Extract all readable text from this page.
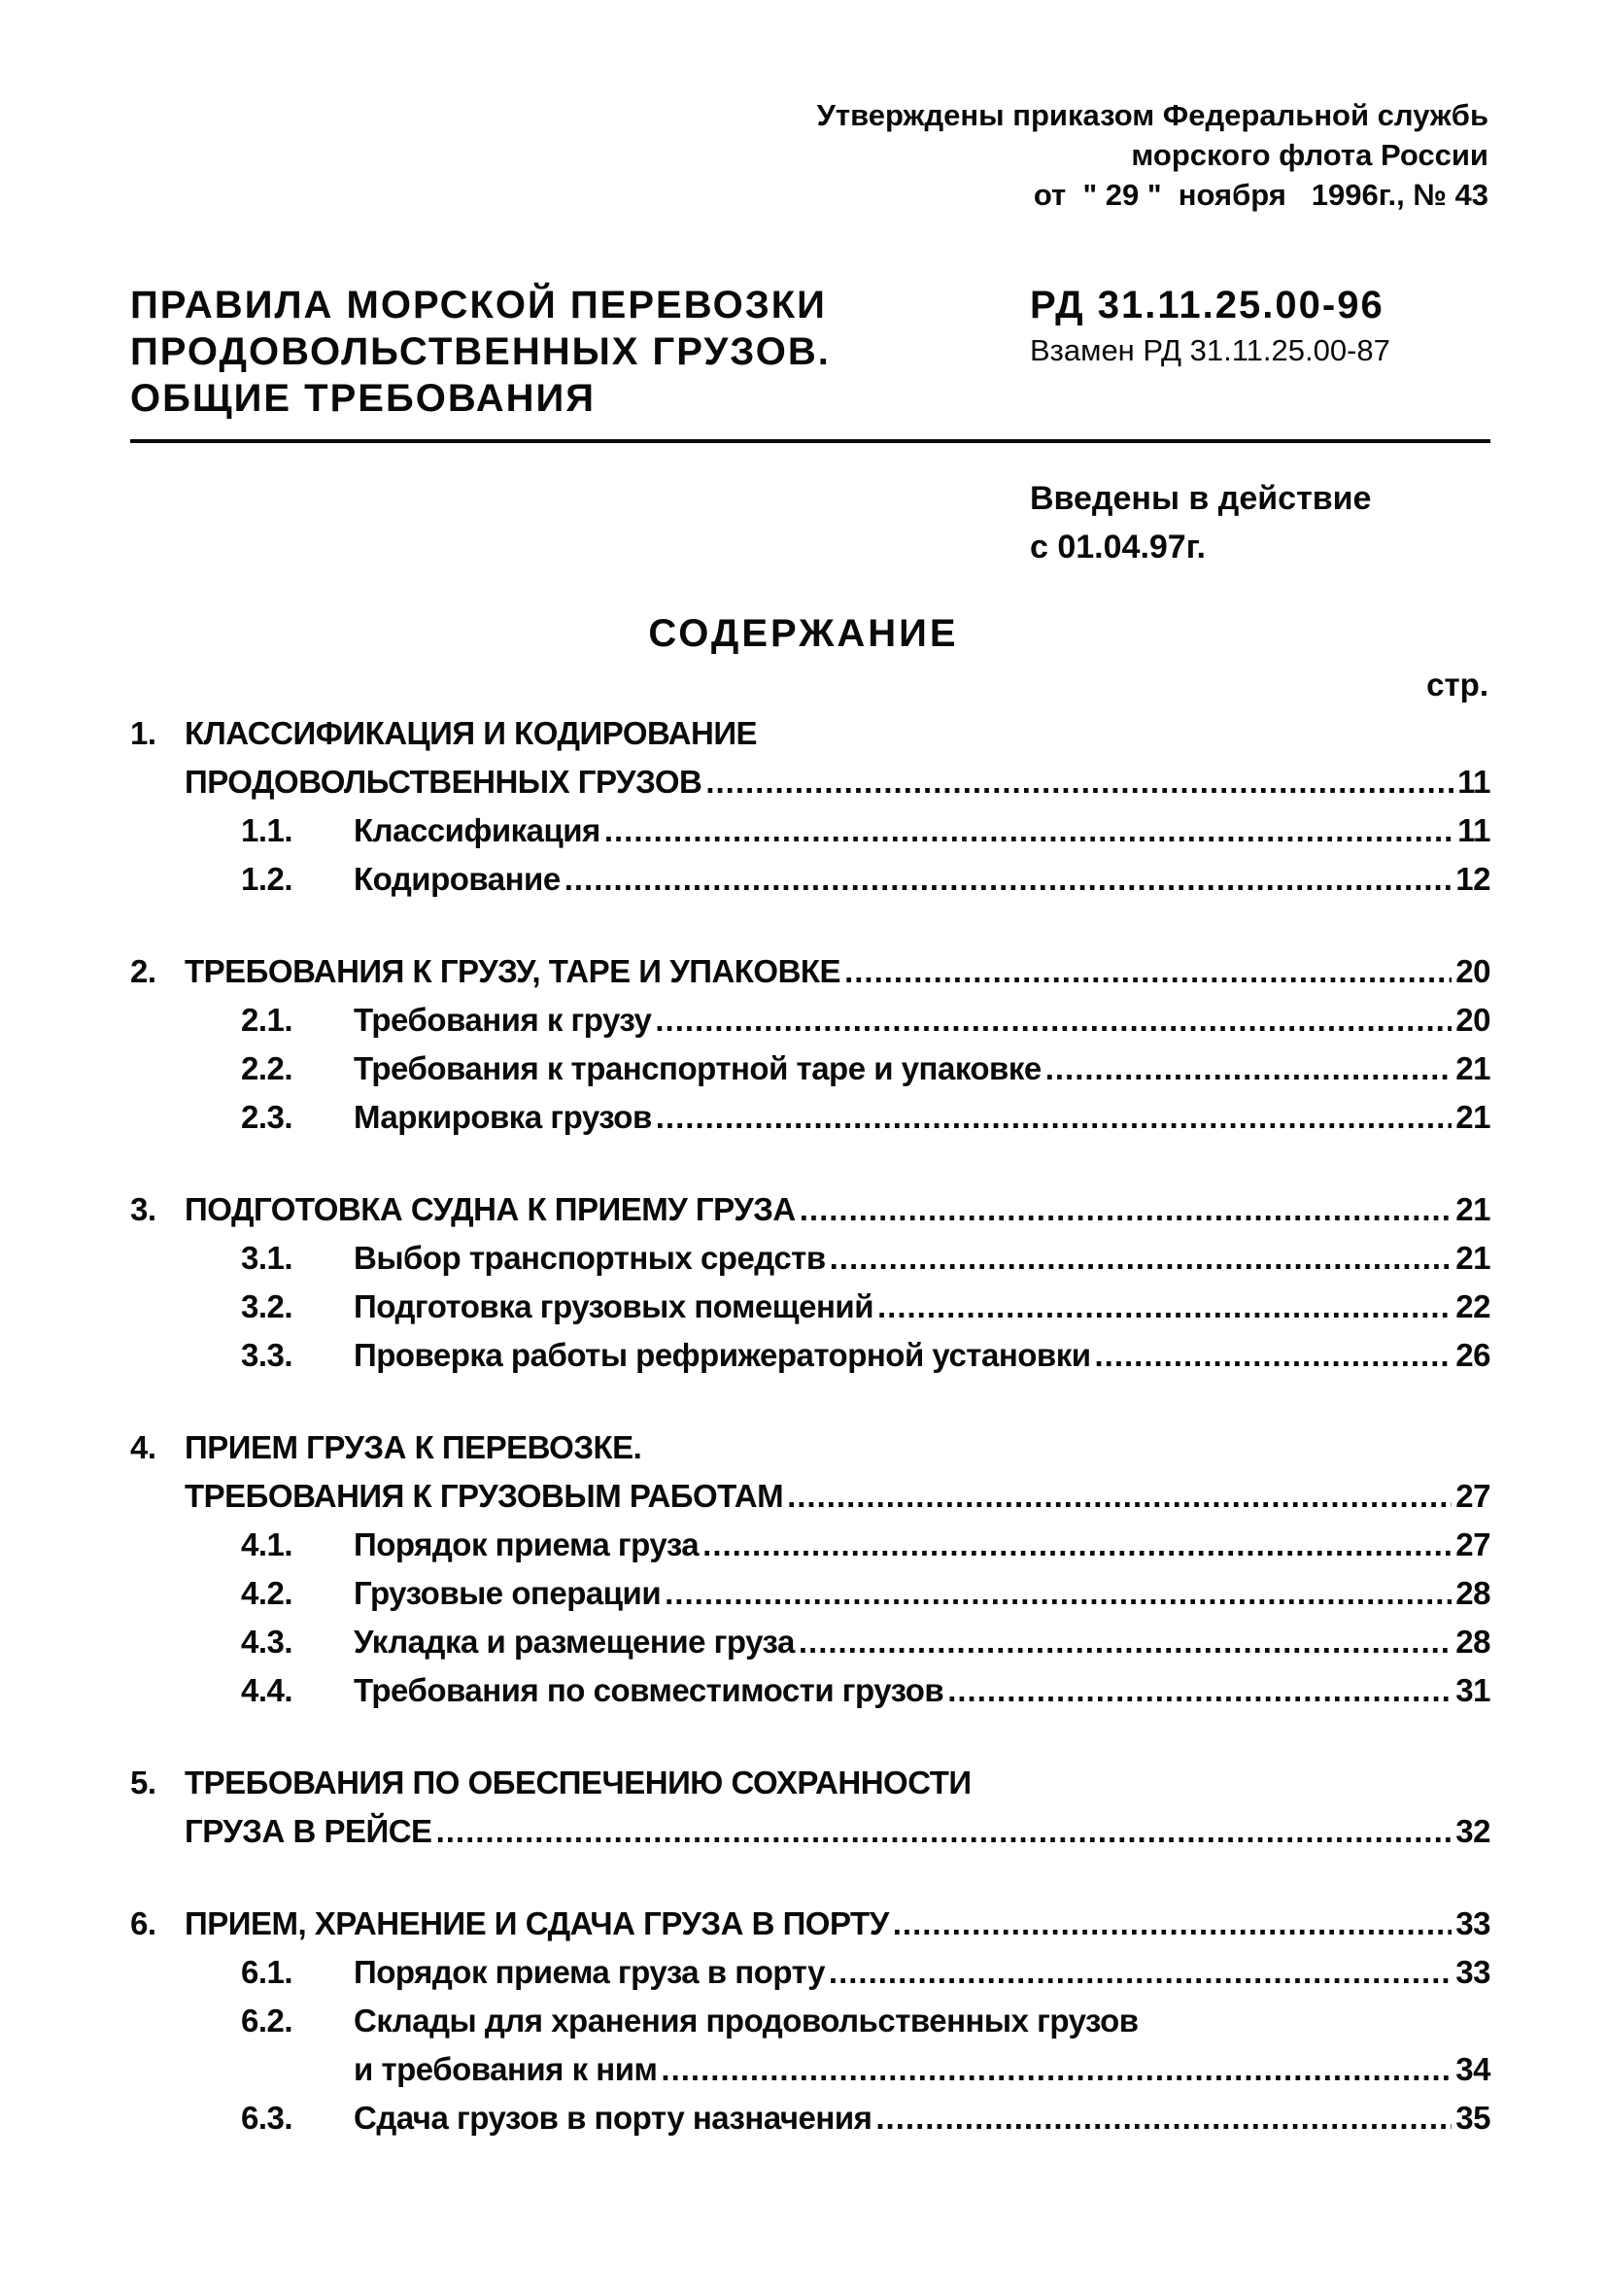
Утверждены приказом Федеральной службь
морского флота России
от  " 29 "  ноября   1996г., № 43
ПРАВИЛА МОРСКОЙ ПЕРЕВОЗКИ
ПРОДОВОЛЬСТВЕННЫХ ГРУЗОВ.
ОБЩИЕ ТРЕБОВАНИЯ
РД 31.11.25.00-96
Взамен РД 31.11.25.00-87
Введены в действие
с 01.04.97г.
СОДЕРЖАНИЕ
стр.
1. КЛАССИФИКАЦИЯ И КОДИРОВАНИЕ
ПРОДОВОЛЬСТВЕННЫХ ГРУЗОВ .....	11
1.1.	Классификация .....	11
1.2.	Кодирование .....	12
2. ТРЕБОВАНИЯ К ГРУЗУ, ТАРЕ И УПАКОВКЕ .....	20
2.1.	Требования к грузу .....	20
2.2.	Требования к транспортной таре и упаковке .....	21
2.3.	Маркировка грузов .....	21
3. ПОДГОТОВКА СУДНА К ПРИЕМУ ГРУЗА .....	21
3.1.	Выбор транспортных средств .....	21
3.2.	Подготовка грузовых помещений .....	22
3.3.	Проверка работы рефрижераторной установки .....	26
4. ПРИЕМ ГРУЗА К ПЕРЕВОЗКЕ.
ТРЕБОВАНИЯ К ГРУЗОВЫМ РАБОТАМ .....	27
4.1.	Порядок приема груза .....	27
4.2.	Грузовые операции .....	28
4.3.	Укладка и размещение груза .....	28
4.4.	Требования по совместимости грузов .....	31
5. ТРЕБОВАНИЯ ПО ОБЕСПЕЧЕНИЮ СОХРАННОСТИ
ГРУЗА В РЕЙСЕ .....	32
6. ПРИЕМ, ХРАНЕНИЕ И СДАЧА ГРУЗА В ПОРТУ .....	33
6.1.	Порядок приема груза в порту .....	33
6.2.	Склады для хранения продовольственных грузов
и требования к ним .....	34
6.3.	Сдача грузов в порту назначения .....	35
